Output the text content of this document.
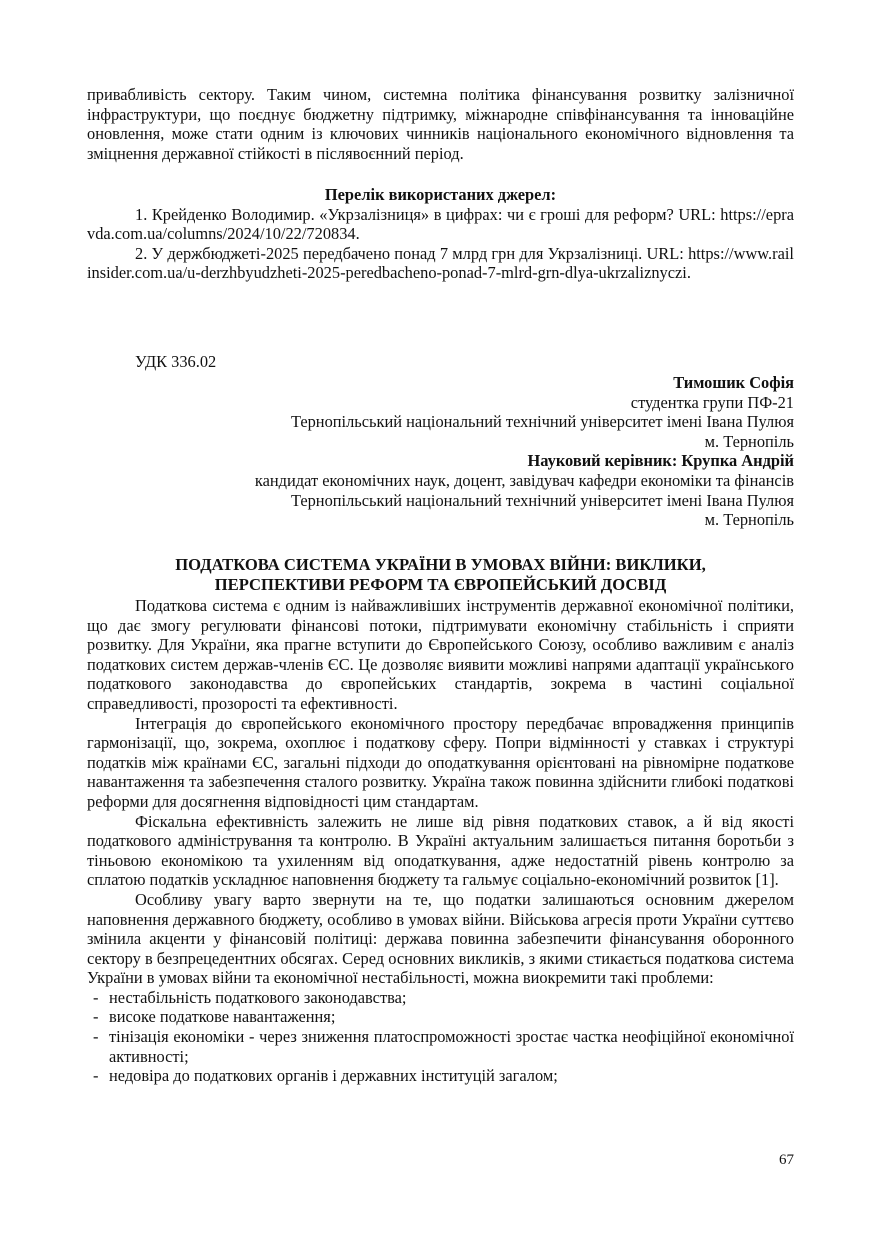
привабливість сектору. Таким чином, системна політика фінансування розвитку залізничної інфраструктури, що поєднує бюджетну підтримку, міжнародне співфінансування та інноваційне оновлення, може стати одним із ключових чинників національного економічного відновлення та зміцнення державної стійкості в післявоєнний період.

Перелік використаних джерел:

1. Крейденко Володимир. «Укрзалізниця» в цифрах: чи є гроші для реформ? URL: https://epravda.com.ua/columns/2024/10/22/720834.

2. У держбюджеті-2025 передбачено понад 7 млрд грн для Укрзалізниці. URL: https://www.railinsider.com.ua/u-derzhbyudzheti-2025-peredbacheno-ponad-7-mlrd-grn-dlya-ukrzaliznyczi.

УДК 336.02

Тимошик Софія

студентка групи ПФ-21

Тернопільський національний технічний університет імені Івана Пулюя

м. Тернопіль

Науковий керівник: Крупка Андрій

кандидат економічних наук, доцент, завідувач кафедри економіки та фінансів

Тернопільський національний технічний університет імені Івана Пулюя

м. Тернопіль

ПОДАТКОВА СИСТЕМА УКРАЇНИ В УМОВАХ ВІЙНИ: ВИКЛИКИ,
ПЕРСПЕКТИВИ РЕФОРМ ТА ЄВРОПЕЙСЬКИЙ ДОСВІД

Податкова система є одним із найважливіших інструментів державної економічної політики, що дає змогу регулювати фінансові потоки, підтримувати економічну стабільність і сприяти розвитку. Для України, яка прагне вступити до Європейського Союзу, особливо важливим є аналіз податкових систем держав-членів ЄС. Це дозволяє виявити можливі напрями адаптації українського податкового законодавства до європейських стандартів, зокрема в частині соціальної справедливості, прозорості та ефективності.

Інтеграція до європейського економічного простору передбачає впровадження принципів гармонізації, що, зокрема, охоплює і податкову сферу. Попри відмінності у ставках і структурі податків між країнами ЄС, загальні підходи до оподаткування орієнтовані на рівномірне податкове навантаження та забезпечення сталого розвитку. Україна також повинна здійснити глибокі податкові реформи для досягнення відповідності цим стандартам.

Фіскальна ефективність залежить не лише від рівня податкових ставок, а й від якості податкового адміністрування та контролю. В Україні актуальним залишається питання боротьби з тіньовою економікою та ухиленням від оподаткування, адже недостатній рівень контролю за сплатою податків ускладнює наповнення бюджету та гальмує соціально-економічний розвиток [1].

Особливу увагу варто звернути на те, що податки залишаються основним джерелом наповнення державного бюджету, особливо в умовах війни. Військова агресія проти України суттєво змінила акценти у фінансовій політиці: держава повинна забезпечити фінансування оборонного сектору в безпрецедентних обсягах. Серед основних викликів, з якими стикається податкова система України в умовах війни та економічної нестабільності, можна виокремити такі проблеми:

- нестабільність податкового законодавства;
- високе податкове навантаження;
- тінізація економіки - через зниження платоспроможності зростає частка неофіційної економічної активності;
- недовіра до податкових органів і державних інституцій загалом;
67
